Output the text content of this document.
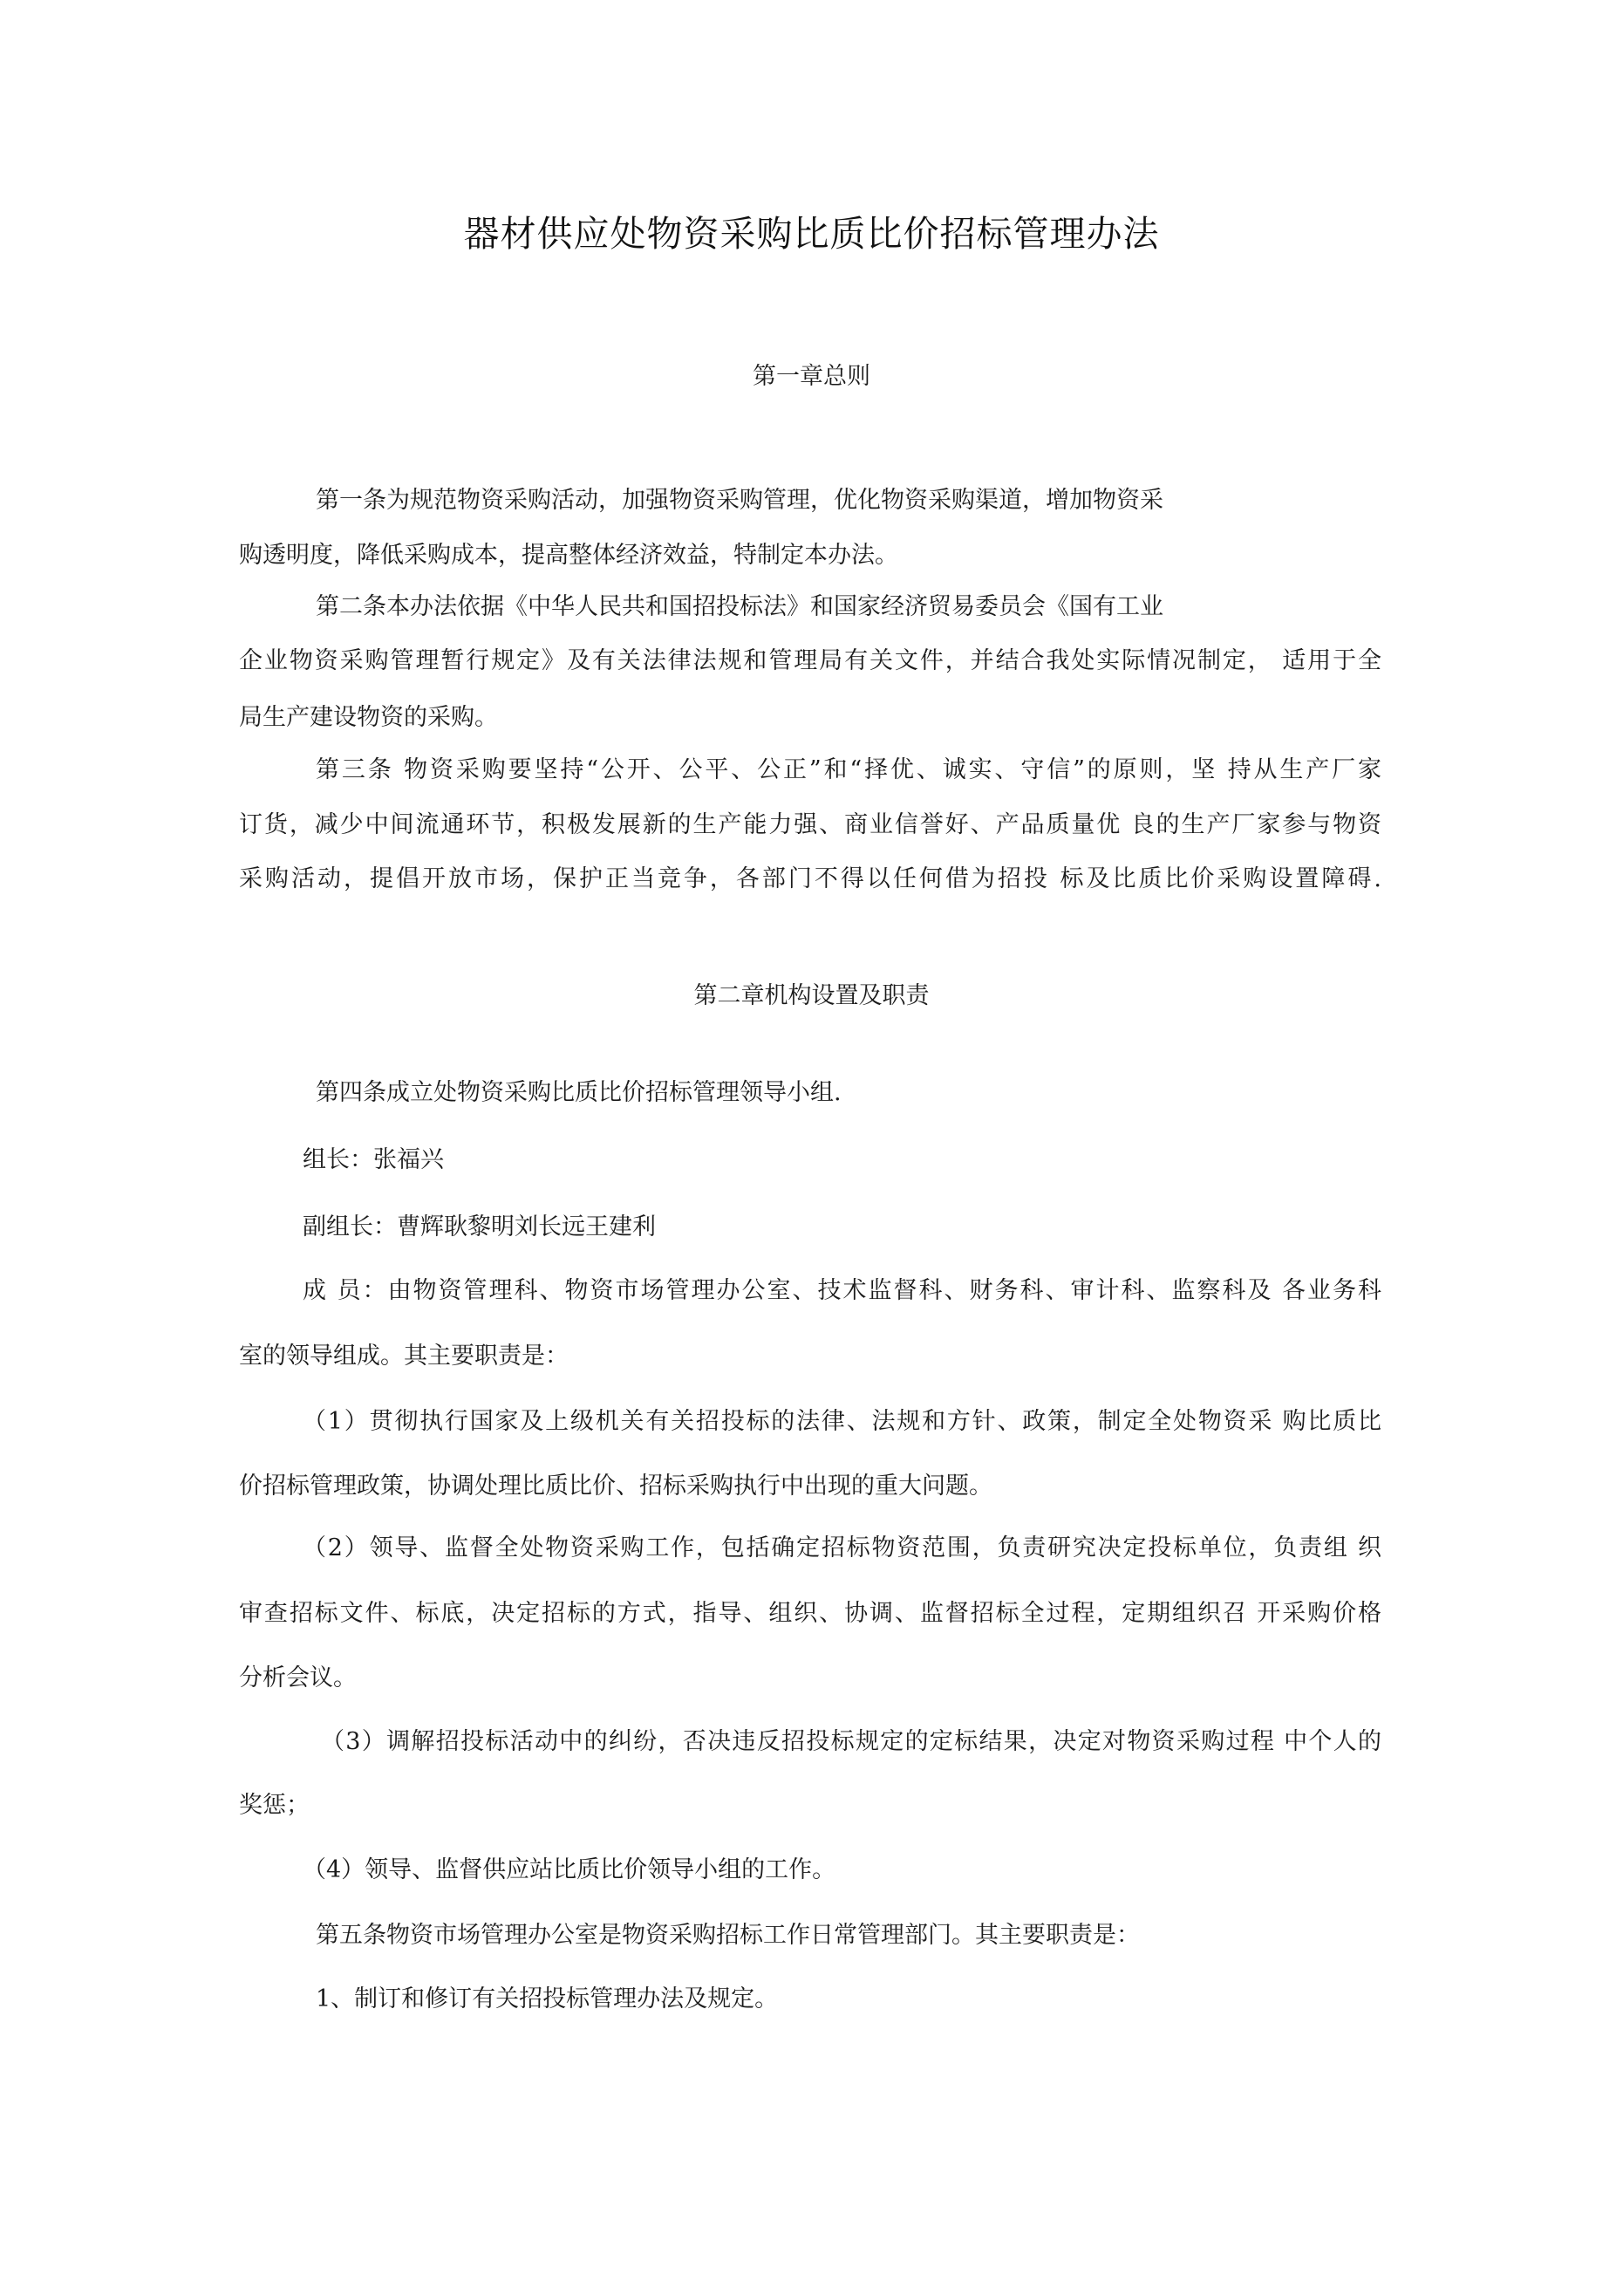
器材供应处物资采购比质比价招标管理办法
第一章总则
第一条为规范物资采购活动，加强物资采购管理，优化物资采购渠道，增加物资采
购透明度，降低采购成本，提高整体经济效益，特制定本办法。
第二条本办法依据《中华人民共和国招投标法》和国家经济贸易委员会《国有工业
企业物资采购管理暂行规定》及有关法律法规和管理局有关文件，并结合我处实际情况制定， 适用于全
局生产建设物资的采购。
第三条 物资采购要坚持“公开、公平、公正”和“择优、诚实、守信”的原则，坚 持从生产厂家
订货，减少中间流通环节，积极发展新的生产能力强、商业信誉好、产品质量优 良的生产厂家参与物资
采购活动，提倡开放市场，保护正当竞争，各部门不得以任何借为招投 标及比质比价采购设置障碍.
第二章机构设置及职责
第四条成立处物资采购比质比价招标管理领导小组.
组长：张福兴
副组长：曹辉耿黎明刘长远王建利
成 员：由物资管理科、物资市场管理办公室、技术监督科、财务科、审计科、监察科及 各业务科
室的领导组成。其主要职责是：
（1）贯彻执行国家及上级机关有关招投标的法律、法规和方针、政策，制定全处物资采 购比质比
价招标管理政策，协调处理比质比价、招标采购执行中出现的重大问题。
（2）领导、监督全处物资采购工作，包括确定招标物资范围，负责研究决定投标单位，负责组 织
审查招标文件、标底，决定招标的方式，指导、组织、协调、监督招标全过程，定期组织召 开采购价格
分析会议。
（3）调解招投标活动中的纠纷，否决违反招投标规定的定标结果，决定对物资采购过程 中个人的
奖惩；
（4）领导、监督供应站比质比价领导小组的工作。
第五条物资市场管理办公室是物资采购招标工作日常管理部门。其主要职责是：
1、制订和修订有关招投标管理办法及规定。
